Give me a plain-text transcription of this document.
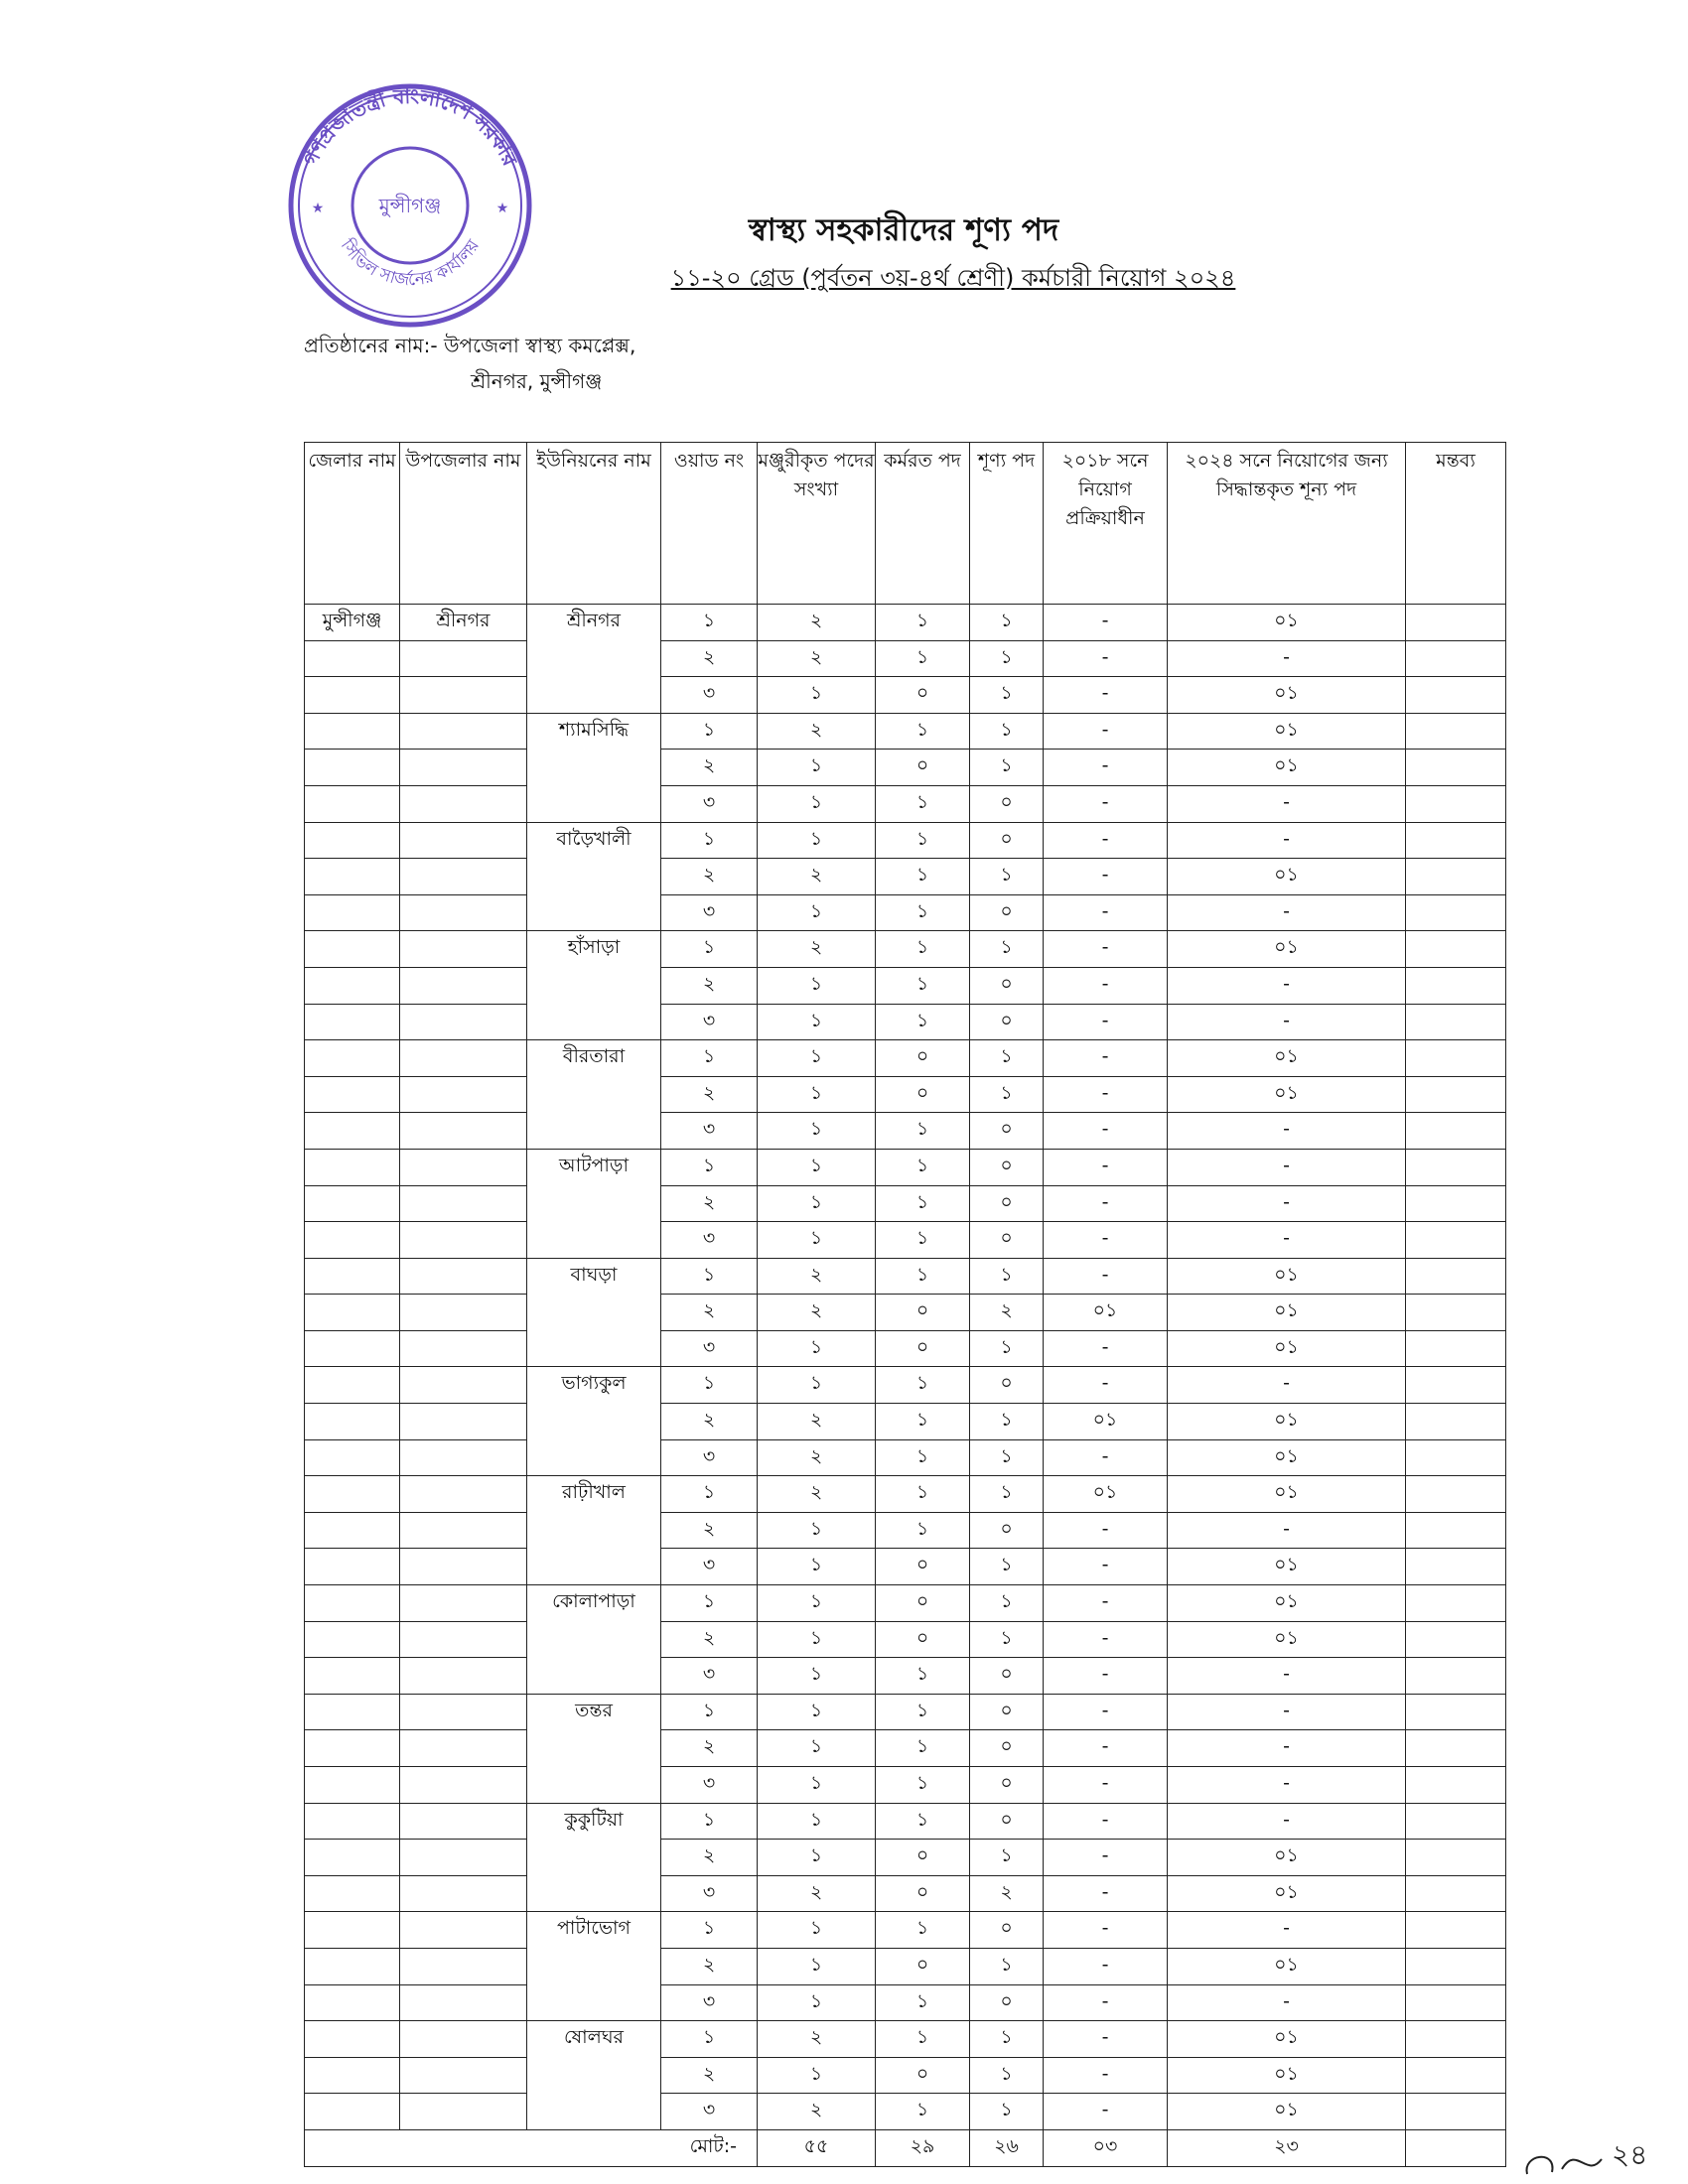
গণপ্রজাতন্ত্রী বাংলাদেশ সরকার
সিভিল সার্জনের কার্যালয়
মুন্সীগঞ্জ
★	★
স্বাস্থ্য সহকারীদের শূণ্য পদ
১১-২০ গ্রেড (পুর্বতন ৩য়-৪র্থ শ্রেণী) কর্মচারী নিয়োগ ২০২৪
প্রতিষ্ঠানের নাম:- উপজেলা স্বাস্থ্য কমপ্লেক্স,
শ্রীনগর, মুন্সীগঞ্জ
জেলার নাম	উপজেলার নাম	ইউনিয়নের নাম	ওয়াড নং	মঞ্জুরীকৃত পদের সংখ্যা	কর্মরত পদ	শূণ্য পদ	২০১৮ সনে নিয়োগ প্রক্রিয়াধীন	২০২৪ সনে নিয়োগের জন্য সিদ্ধান্তকৃত শূন্য পদ	মন্তব্য
মুন্সীগঞ্জ	শ্রীনগর	শ্রীনগর	১	২	১	১	-	০১	
			২	২	১	১	-	-	
			৩	১	০	১	-	০১	
		শ্যামসিদ্ধি	১	২	১	১	-	০১	
			২	১	০	১	-	০১	
			৩	১	১	০	-	-	
		বাড়ৈখালী	১	১	১	০	-	-	
			২	২	১	১	-	০১	
			৩	১	১	০	-	-	
		হাঁসাড়া	১	২	১	১	-	০১	
			২	১	১	০	-	-	
			৩	১	১	০	-	-	
		বীরতারা	১	১	০	১	-	০১	
			২	১	০	১	-	০১	
			৩	১	১	০	-	-	
		আটপাড়া	১	১	১	০	-	-	
			২	১	১	০	-	-	
			৩	১	১	০	-	-	
		বাঘড়া	১	২	১	১	-	০১	
			২	২	০	২	০১	০১	
			৩	১	০	১	-	০১	
		ভাগ্যকুল	১	১	১	০	-	-	
			২	২	১	১	০১	০১	
			৩	২	১	১	-	০১	
		রাঢ়ীখাল	১	২	১	১	০১	০১	
			২	১	১	০	-	-	
			৩	১	০	১	-	০১	
		কোলাপাড়া	১	১	০	১	-	০১	
			২	১	০	১	-	০১	
			৩	১	১	০	-	-	
		তন্তর	১	১	১	০	-	-	
			২	১	১	০	-	-	
			৩	১	১	০	-	-	
		কুকুটিয়া	১	১	১	০	-	-	
			২	১	০	১	-	০১	
			৩	২	০	২	-	০১	
		পাটাভোগ	১	১	১	০	-	-	
			২	১	০	১	-	০১	
			৩	১	১	০	-	-	
		ষোলঘর	১	২	১	১	-	০১	
			২	১	০	১	-	০১	
			৩	২	১	১	-	০১	
মোট:-				৫৫	২৯	২৬	০৩	২৩		২৪
